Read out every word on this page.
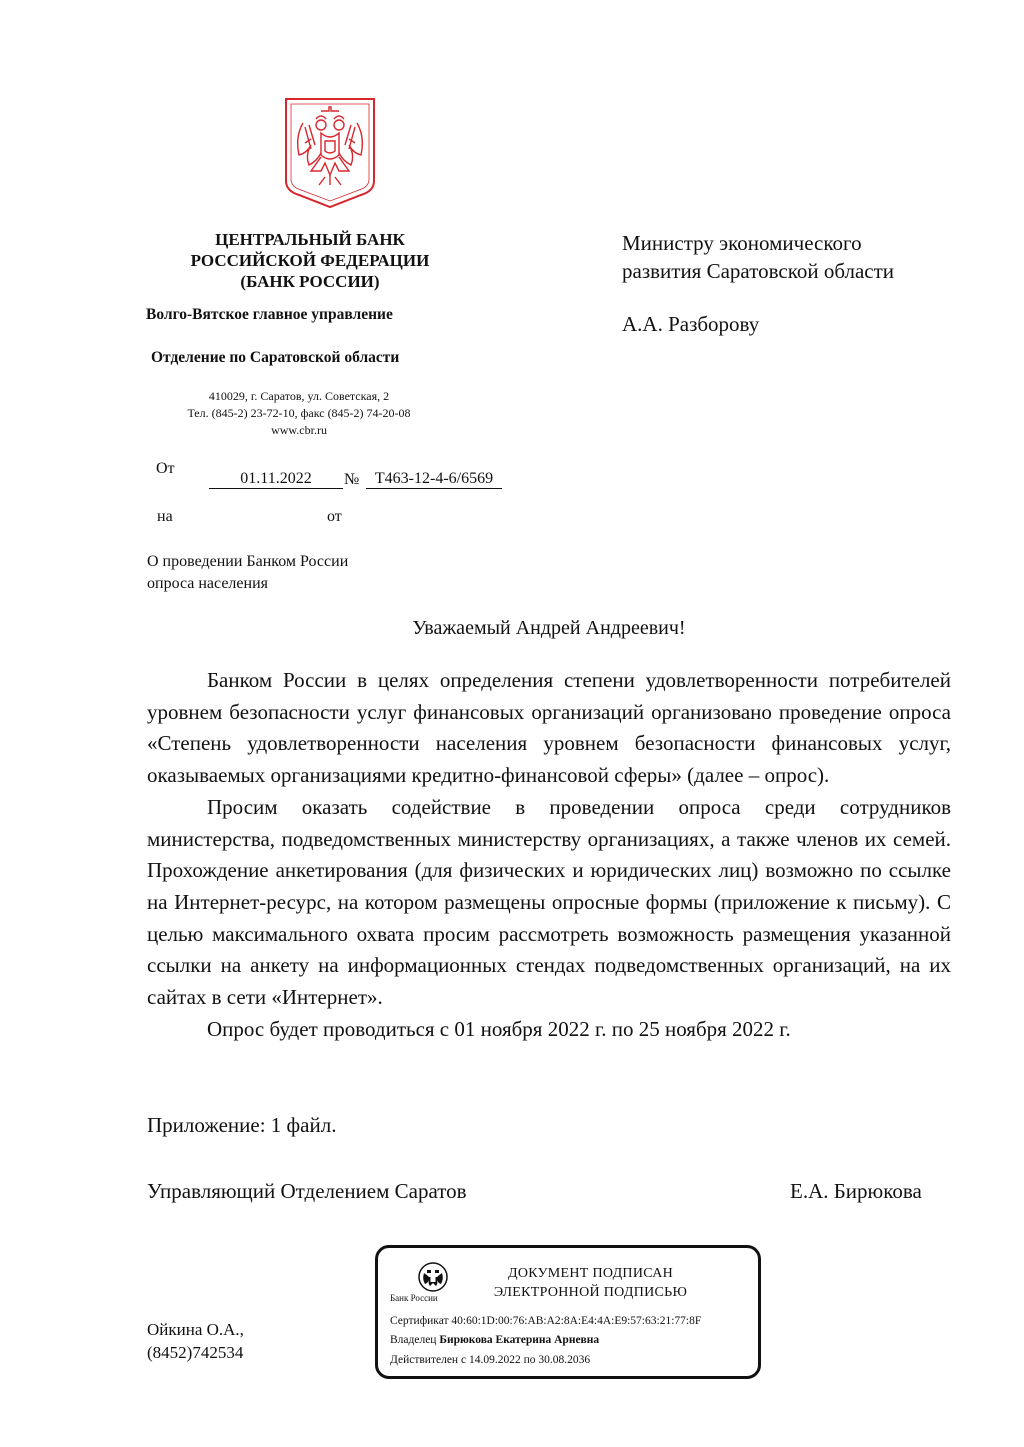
ЦЕНТРАЛЬНЫЙ БАНК
РОССИЙСКОЙ ФЕДЕРАЦИИ
(БАНК РОССИИ)
Волго-Вятское главное управление
Отделение по Саратовской области
410029, г. Саратов, ул. Советская, 2
Тел. (845-2) 23-72-10, факс (845-2) 74-20-08
www.cbr.ru
От
01.11.2022	№ Т463-12-4-6/6569
на	от
О проведении Банком России
опроса населения
Министру экономического
развития Саратовской области
А.А. Разборову
Уважаемый Андрей Андреевич!

Банком России в целях определения степени удовлетворенности потребителей уровнем безопасности услуг финансовых организаций организовано проведение опроса «Степень удовлетворенности населения уровнем безопасности финансовых услуг, оказываемых организациями кредитно-финансовой сферы» (далее – опрос).

Просим оказать содействие в проведении опроса среди сотрудников министерства, подведомственных министерству организациях, а также членов их семей. Прохождение анкетирования (для физических и юридических лиц) возможно по ссылке на Интернет-ресурс, на котором размещены опросные формы (приложение к письму). С целью максимального охвата просим рассмотреть возможность размещения указанной ссылки на анкету на информационных стендах подведомственных организаций, на их сайтах в сети «Интернет».

Опрос будет проводиться с 01 ноября 2022 г. по 25 ноября 2022 г.

Приложение: 1 файл.
Управляющий Отделением Саратов	Е.А. Бирюкова
Ойкина О.А.,
(8452)742534
Банк России
ДОКУМЕНТ ПОДПИСАН
ЭЛЕКТРОННОЙ ПОДПИСЬЮ
Сертификат 40:60:1D:00:76:AB:A2:8A:E4:4A:E9:57:63:21:77:8F
Владелец Бирюкова Екатерина Арневна
Действителен с 14.09.2022 по 30.08.2036
